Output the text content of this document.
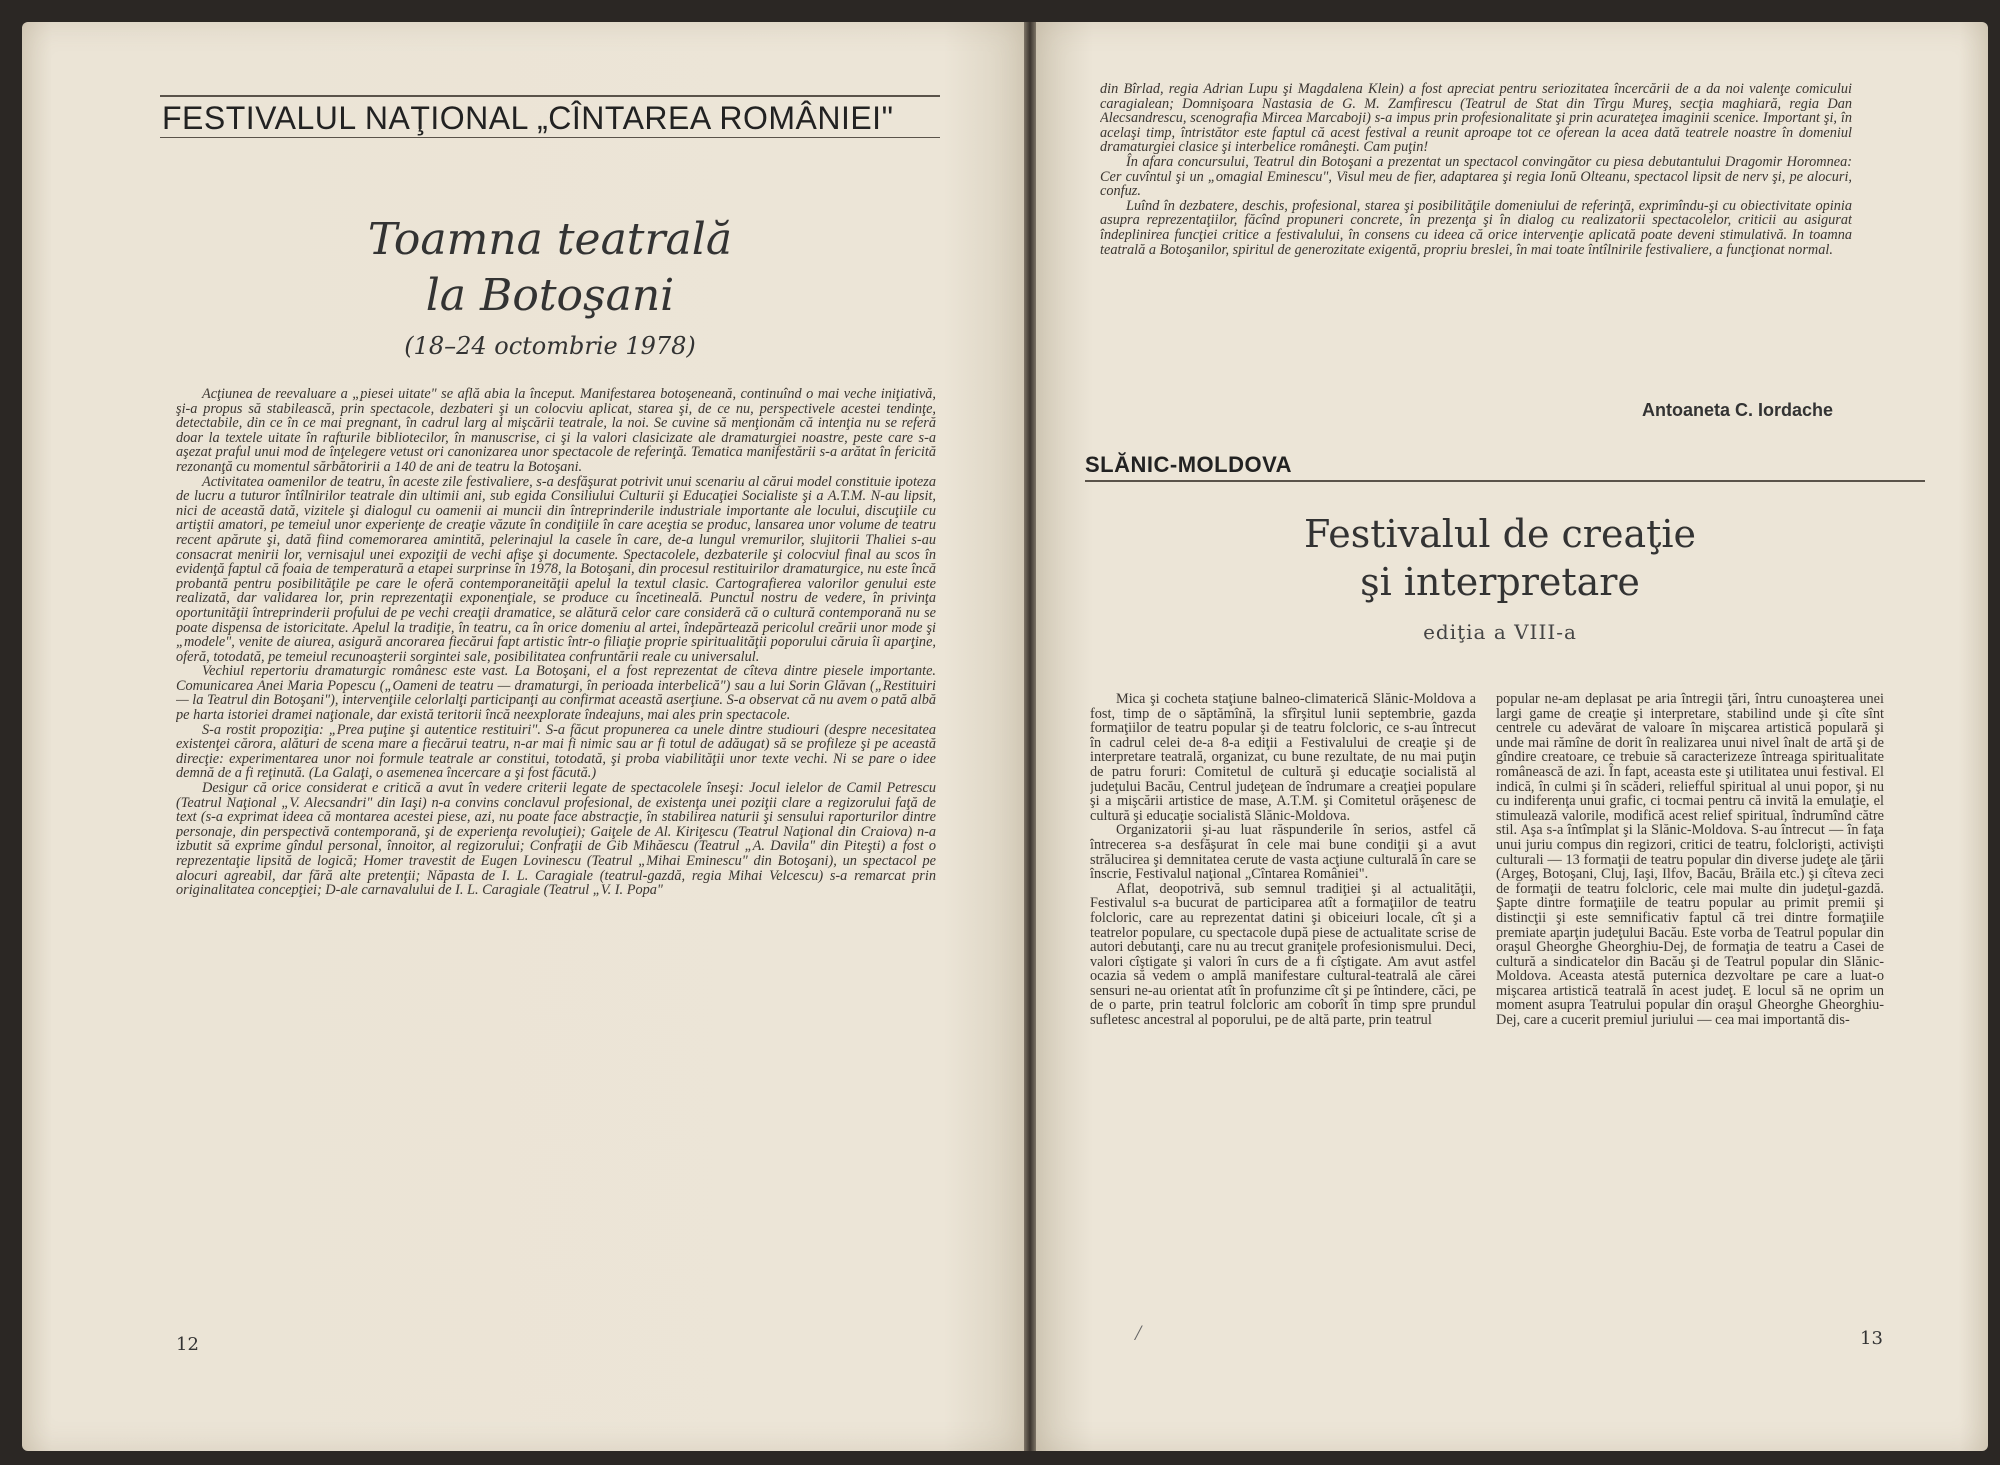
FESTIVALUL NAŢIONAL „CÎNTAREA ROMÂNIEI"
Toamna teatrală
la Botoşani
(18–24 octombrie 1978)

Acţiunea de reevaluare a „piesei uitate" se află abia la început. Manifestarea botoşeneană, continuînd o mai veche iniţiativă, şi-a propus să stabilească, prin spectacole, dezbateri şi un colocviu aplicat, starea şi, de ce nu, perspectivele acestei tendinţe, detectabile, din ce în ce mai pregnant, în cadrul larg al mişcării teatrale, la noi. Se cuvine să menţionăm că intenţia nu se referă doar la textele uitate în rafturile bibliotecilor, în manuscrise, ci şi la valori clasicizate ale dramaturgiei noastre, peste care s-a aşezat praful unui mod de înţelegere vetust ori canonizarea unor spectacole de referinţă. Tematica manifestării s-a arătat în fericită rezonanţă cu momentul sărbătoririi a 140 de ani de teatru la Botoşani.

Activitatea oamenilor de teatru, în aceste zile festivaliere, s-a desfăşurat potrivit unui scenariu al cărui model constituie ipoteza de lucru a tuturor întîlnirilor teatrale din ultimii ani, sub egida Consiliului Culturii şi Educaţiei Socialiste şi a A.T.M. N-au lipsit, nici de această dată, vizitele şi dialogul cu oamenii ai muncii din întreprinderile industriale importante ale locului, discuţiile cu artiştii amatori, pe temeiul unor experienţe de creaţie văzute în condiţiile în care aceştia se produc, lansarea unor volume de teatru recent apărute şi, dată fiind comemorarea amintită, pelerinajul la casele în care, de-a lungul vremurilor, slujitorii Thaliei s-au consacrat menirii lor, vernisajul unei expoziţii de vechi afişe şi documente. Spectacolele, dezbaterile şi colocviul final au scos în evidenţă faptul că foaia de temperatură a etapei surprinse în 1978, la Botoşani, din procesul restituirilor dramaturgice, nu este încă probantă pentru posibilităţile pe care le oferă contemporaneităţii apelul la textul clasic. Cartografierea valorilor genului este realizată, dar validarea lor, prin reprezentaţii exponenţiale, se produce cu încetineală. Punctul nostru de vedere, în privinţa oportunităţii întreprinderii profului de pe vechi creaţii dramatice, se alătură celor care consideră că o cultură contemporană nu se poate dispensa de istoricitate. Apelul la tradiţie, în teatru, ca în orice domeniu al artei, îndepărtează pericolul creării unor mode şi „modele", venite de aiurea, asigură ancorarea fiecărui fapt artistic într-o filiaţie proprie spiritualităţii poporului căruia îi aparţine, oferă, totodată, pe temeiul recunoaşterii sorgintei sale, posibilitatea confruntării reale cu universalul.

Vechiul repertoriu dramaturgic românesc este vast. La Botoşani, el a fost reprezentat de cîteva dintre piesele importante. Comunicarea Anei Maria Popescu („Oameni de teatru — dramaturgi, în perioada interbelică") sau a lui Sorin Glăvan („Restituiri — la Teatrul din Botoşani"), intervenţiile celorlalţi participanţi au confirmat această aserţiune. S-a observat că nu avem o pată albă pe harta istoriei dramei naţionale, dar există teritorii încă neexplorate îndeajuns, mai ales prin spectacole.

S-a rostit propoziţia: „Prea puţine şi autentice restituiri". S-a făcut propunerea ca unele dintre studiouri (despre necesitatea existenţei cărora, alături de scena mare a fiecărui teatru, n-ar mai fi nimic sau ar fi totul de adăugat) să se profileze şi pe această direcţie: experimentarea unor noi formule teatrale ar constitui, totodată, şi proba viabilităţii unor texte vechi. Ni se pare o idee demnă de a fi reţinută. (La Galaţi, o asemenea încercare a şi fost făcută.)

Desigur că orice considerat e critică a avut în vedere criterii legate de spectacolele înseşi: Jocul ielelor de Camil Petrescu (Teatrul Naţional „V. Alecsandri" din Iaşi) n-a convins conclavul profesional, de existenţa unei poziţii clare a regizorului faţă de text (s-a exprimat ideea că montarea acestei piese, azi, nu poate face abstracţie, în stabilirea naturii şi sensului raporturilor dintre personaje, din perspectivă contemporană, şi de experienţa revoluţiei); Gaiţele de Al. Kiriţescu (Teatrul Naţional din Craiova) n-a izbutit să exprime gîndul personal, înnoitor, al regizorului; Confraţii de Gib Mihăescu (Teatrul „A. Davila" din Piteşti) a fost o reprezentaţie lipsită de logică; Homer travestit de Eugen Lovinescu (Teatrul „Mihai Eminescu" din Botoşani), un spectacol pe alocuri agreabil, dar fără alte pretenţii; Năpasta de I. L. Caragiale (teatrul-gazdă, regia Mihai Velcescu) s-a remarcat prin originalitatea concepţiei; D-ale carnavalului de I. L. Caragiale (Teatrul „V. I. Popa"

12

din Bîrlad, regia Adrian Lupu şi Magdalena Klein) a fost apreciat pentru seriozitatea încercării de a da noi valenţe comicului caragialean; Domnişoara Nastasia de G. M. Zamfirescu (Teatrul de Stat din Tîrgu Mureş, secţia maghiară, regia Dan Alecsandrescu, scenografia Mircea Marcaboji) s-a impus prin profesionalitate şi prin acurateţea imaginii scenice. Important şi, în acelaşi timp, întristător este faptul că acest festival a reunit aproape tot ce oferean la acea dată teatrele noastre în domeniul dramaturgiei clasice şi interbelice româneşti. Cam puţin!

În afara concursului, Teatrul din Botoşani a prezentat un spectacol convingător cu piesa debutantului Dragomir Horomnea: Cer cuvîntul şi un „omagial Eminescu", Visul meu de fier, adaptarea şi regia Ionŭ Olteanu, spectacol lipsit de nerv şi, pe alocuri, confuz.

Luînd în dezbatere, deschis, profesional, starea şi posibilităţile domeniului de referinţă, exprimîndu-şi cu obiectivitate opinia asupra reprezentaţiilor, făcînd propuneri concrete, în prezenţa şi în dialog cu realizatorii spectacolelor, criticii au asigurat îndeplinirea funcţiei critice a festivalului, în consens cu ideea că orice intervenţie aplicată poate deveni stimulativă. In toamna teatrală a Botoşanilor, spiritul de generozitate exigentă, propriu breslei, în mai toate întîlnirile festivaliere, a funcţionat normal.

Antoaneta C. Iordache
SLĂNIC-MOLDOVA
Festivalul de creaţie
şi interpretare
ediţia a VIII-a

Mica şi cocheta staţiune balneo-climaterică Slănic-Moldova a fost, timp de o săptămînă, la sfîrşitul lunii septembrie, gazda formaţiilor de teatru popular şi de teatru folcloric, ce s-au întrecut în cadrul celei de-a 8-a ediţii a Festivalului de creaţie şi de interpretare teatrală, organizat, cu bune rezultate, de nu mai puţin de patru foruri: Comitetul de cultură şi educaţie socialistă al judeţului Bacău, Centrul judeţean de îndrumare a creaţiei populare şi a mişcării artistice de mase, A.T.M. şi Comitetul orăşenesc de cultură şi educaţie socialistă Slănic-Moldova.

Organizatorii şi-au luat răspunderile în serios, astfel că întrecerea s-a desfăşurat în cele mai bune condiţii şi a avut strălucirea şi demnitatea cerute de vasta acţiune culturală în care se înscrie, Festivalul naţional „Cîntarea României".

Aflat, deopotrivă, sub semnul tradiţiei şi al actualităţii, Festivalul s-a bucurat de participarea atît a formaţiilor de teatru folcloric, care au reprezentat datini şi obiceiuri locale, cît şi a teatrelor populare, cu spectacole după piese de actualitate scrise de autori debutanţi, care nu au trecut graniţele profesionismului. Deci, valori cîştigate şi valori în curs de a fi cîştigate. Am avut astfel ocazia să vedem o amplă manifestare cultural-teatrală ale cărei sensuri ne-au orientat atît în profunzime cît şi pe întindere, căci, pe de o parte, prin teatrul folcloric am coborît în timp spre prundul sufletesc ancestral al poporului, pe de altă parte, prin teatrul

popular ne-am deplasat pe aria întregii ţări, întru cunoaşterea unei largi game de creaţie şi interpretare, stabilind unde şi cîte sînt centrele cu adevărat de valoare în mişcarea artistică populară şi unde mai rămîne de dorit în realizarea unui nivel înalt de artă şi de gîndire creatoare, ce trebuie să caracterizeze întreaga spiritualitate românească de azi. În fapt, aceasta este şi utilitatea unui festival. El indică, în culmi şi în scăderi, reliefful spiritual al unui popor, şi nu cu indiferenţa unui grafic, ci tocmai pentru că invită la emulaţie, el stimulează valorile, modifică acest relief spiritual, îndrumînd către stil. Aşa s-a întîmplat şi la Slănic-Moldova. S-au întrecut — în faţa unui juriu compus din regizori, critici de teatru, folclorişti, activişti culturali — 13 formaţii de teatru popular din diverse judeţe ale ţării (Argeş, Botoşani, Cluj, Iaşi, Ilfov, Bacău, Brăila etc.) şi cîteva zeci de formaţii de teatru folcloric, cele mai multe din judeţul-gazdă. Şapte dintre formaţiile de teatru popular au primit premii şi distincţii şi este semnificativ faptul că trei dintre formaţiile premiate aparţin judeţului Bacău. Este vorba de Teatrul popular din oraşul Gheorghe Gheorghiu-Dej, de formaţia de teatru a Casei de cultură a sindicatelor din Bacău şi de Teatrul popular din Slănic-Moldova. Aceasta atestă puternica dezvoltare pe care a luat-o mişcarea artistică teatrală în acest judeţ. E locul să ne oprim un moment asupra Teatrului popular din oraşul Gheorghe Gheorghiu-Dej, care a cucerit premiul juriului — cea mai importantă dis-

/	13
